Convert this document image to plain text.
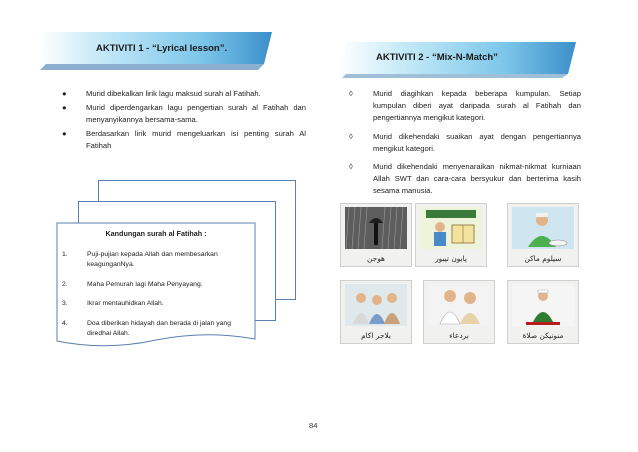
AKTIVITI 1 - “Lyrical lesson”.
AKTIVITI 2 - “Mix-N-Match”
●	Murid dibekalkan lirik lagu maksud surah al Fatihah.
●	Murid diperdengarkan lagu pengertian surah al Fatihah dan menyanyikannya bersama-sama.
●	Berdasarkan lirik murid mengeluarkan isi penting surah Al Fatihah
Kandungan surah al Fatihah :
1.	Puji-pujian kepada Allah dan membesarkan keagunganNya.
2.	Maha Pemurah lagi Maha Penyayang.
3.	Ikrar mentauhidkan Allah.
4.	Doa diberikan hidayah dan berada di jalan yang diredhai Allah.
◊	Murid diagihkan kepada beberapa kumpulan. Setiap kumpulan diberi ayat daripada surah al Fatihah dan pengertiannya mengikut kategori.
◊	Murid dikehendaki suaikan ayat dengan pengertiannya mengikut kategori.
◊	Murid dikehendaki menyenaraikan nikmat-nikmat kurniaan Allah SWT dan cara-cara bersyukur dan berterima kasih sesama manusia.
هوجن	يابون تيبور	سيلوم ماكن
بلاجر اكام	بردعاء	منونيكن صلاة
84
